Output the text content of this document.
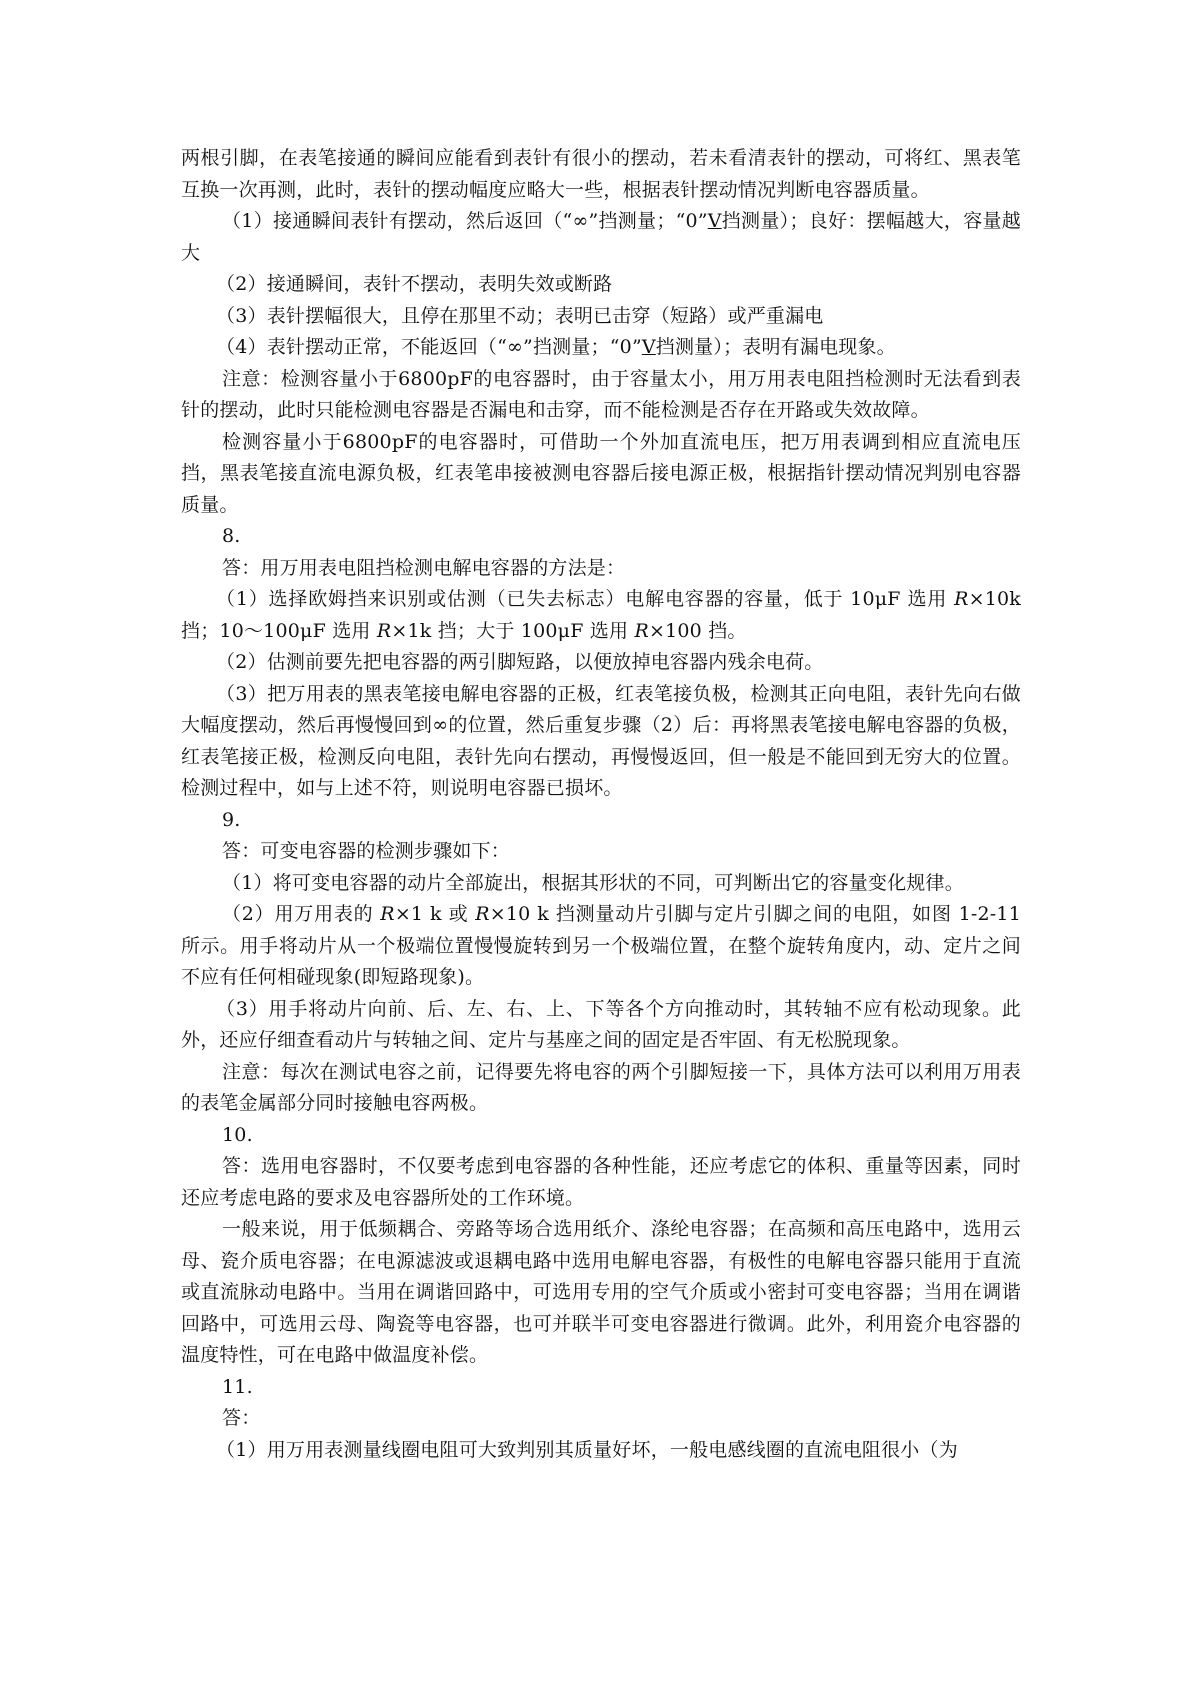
两根引脚，在表笔接通的瞬间应能看到表针有很小的摆动，若未看清表针的摆动，可将红、黑表笔互换一次再测，此时，表针的摆动幅度应略大一些，根据表针摆动情况判断电容器质量。

（1）接通瞬间表针有摆动，然后返回（“∞”挡测量；“0”V挡测量）；良好：摆幅越大，容量越大

（2）接通瞬间，表针不摆动，表明失效或断路

（3）表针摆幅很大，且停在那里不动；表明已击穿（短路）或严重漏电

（4）表针摆动正常，不能返回（“∞”挡测量；“0”V挡测量）；表明有漏电现象。

注意：检测容量小于6800pF的电容器时，由于容量太小，用万用表电阻挡检测时无法看到表针的摆动，此时只能检测电容器是否漏电和击穿，而不能检测是否存在开路或失效故障。

检测容量小于6800pF的电容器时，可借助一个外加直流电压，把万用表调到相应直流电压挡，黑表笔接直流电源负极，红表笔串接被测电容器后接电源正极，根据指针摆动情况判别电容器质量。

8.

答：用万用表电阻挡检测电解电容器的方法是：

（1）选择欧姆挡来识别或估测（已失去标志）电解电容器的容量，低于 10μF 选用 R×10k 挡；10～100μF 选用 R×1k 挡；大于 100μF 选用 R×100 挡。

（2）估测前要先把电容器的两引脚短路，以便放掉电容器内残余电荷。

（3）把万用表的黑表笔接电解电容器的正极，红表笔接负极，检测其正向电阻，表针先向右做大幅度摆动，然后再慢慢回到∞的位置，然后重复步骤（2）后：再将黑表笔接电解电容器的负极，红表笔接正极，检测反向电阻，表针先向右摆动，再慢慢返回，但一般是不能回到无穷大的位置。检测过程中，如与上述不符，则说明电容器已损坏。

9.

答：可变电容器的检测步骤如下：

（1）将可变电容器的动片全部旋出，根据其形状的不同，可判断出它的容量变化规律。

（2）用万用表的 R×1 k 或 R×10 k 挡测量动片引脚与定片引脚之间的电阻，如图 1-2-11 所示。用手将动片从一个极端位置慢慢旋转到另一个极端位置，在整个旋转角度内，动、定片之间不应有任何相碰现象(即短路现象)。

（3）用手将动片向前、后、左、右、上、下等各个方向推动时，其转轴不应有松动现象。此外，还应仔细查看动片与转轴之间、定片与基座之间的固定是否牢固、有无松脱现象。

注意：每次在测试电容之前，记得要先将电容的两个引脚短接一下，具体方法可以利用万用表的表笔金属部分同时接触电容两极。

10.

答：选用电容器时，不仅要考虑到电容器的各种性能，还应考虑它的体积、重量等因素，同时还应考虑电路的要求及电容器所处的工作环境。

一般来说，用于低频耦合、旁路等场合选用纸介、涤纶电容器；在高频和高压电路中，选用云母、瓷介质电容器；在电源滤波或退耦电路中选用电解电容器，有极性的电解电容器只能用于直流或直流脉动电路中。当用在调谐回路中，可选用专用的空气介质或小密封可变电容器；当用在调谐回路中，可选用云母、陶瓷等电容器，也可并联半可变电容器进行微调。此外，利用瓷介电容器的温度特性，可在电路中做温度补偿。

11.

答：

（1）用万用表测量线圈电阻可大致判别其质量好坏，一般电感线圈的直流电阻很小（为
